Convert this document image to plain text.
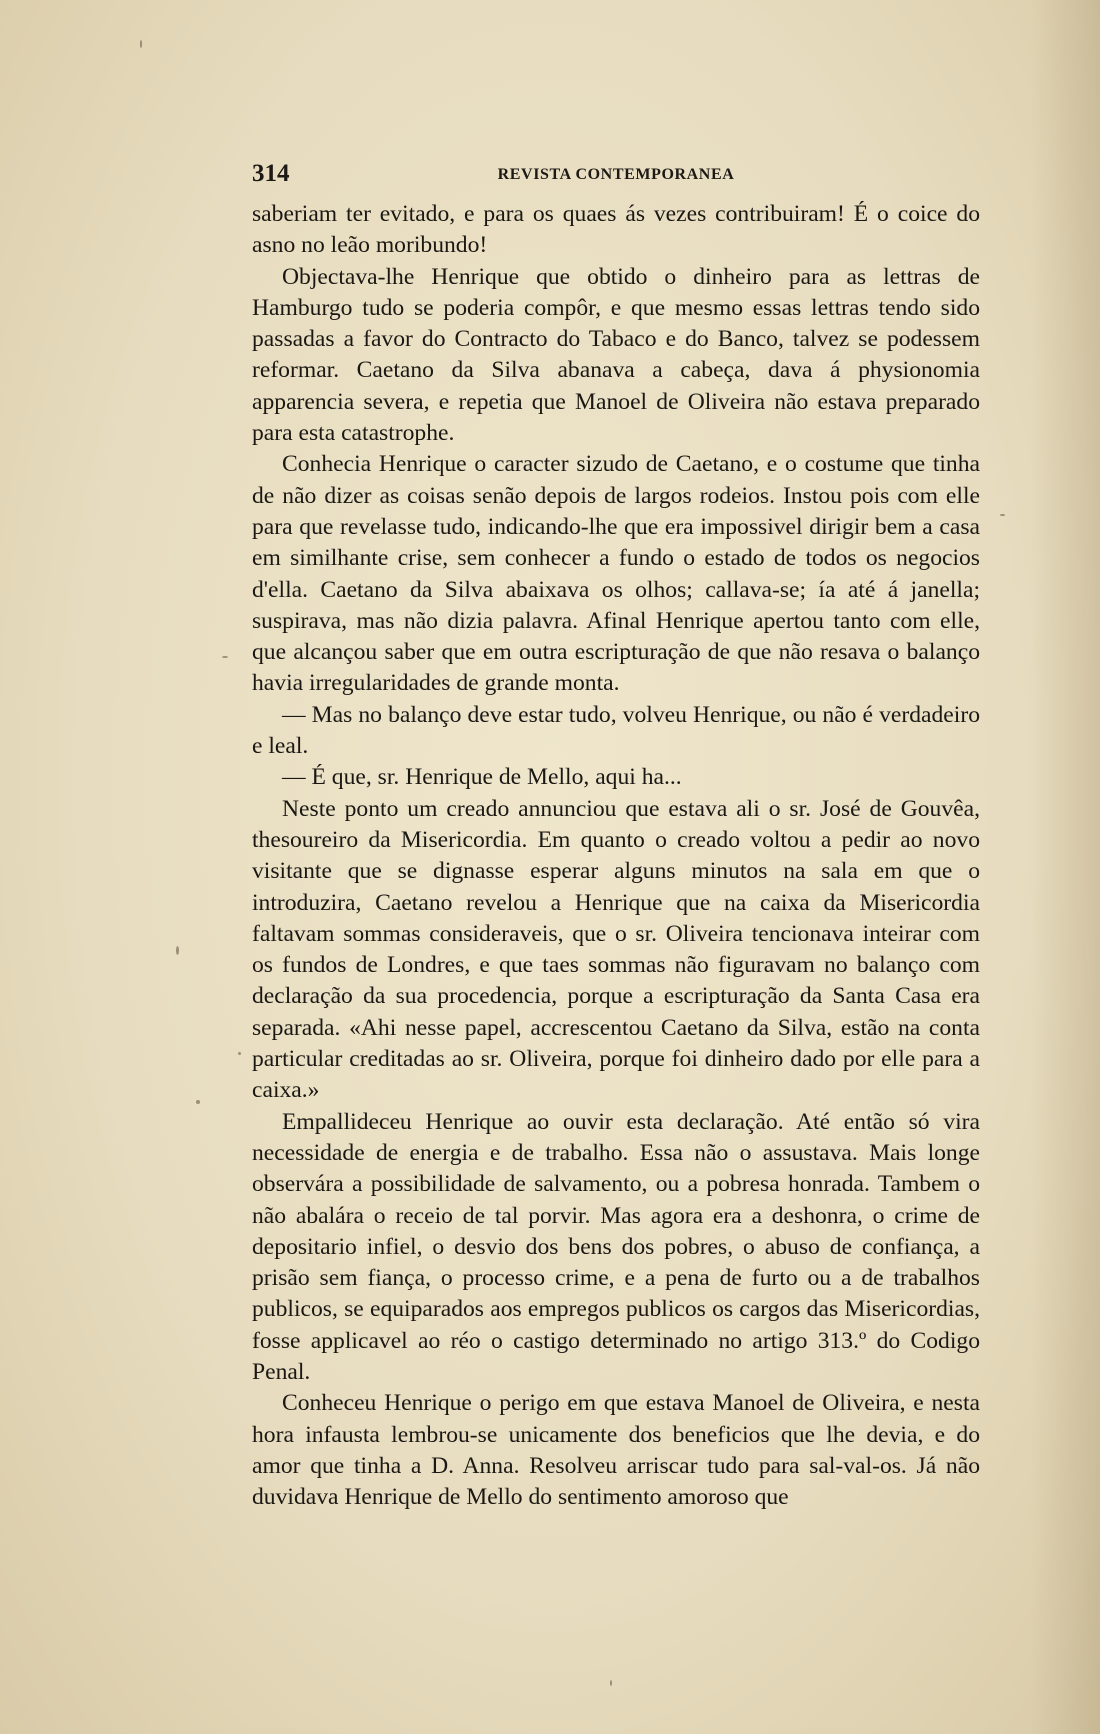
314	REVISTA CONTEMPORANEA

saberiam ter evitado, e para os quaes ás vezes contribuiram! É o coice do asno no leão moribundo!

Objectava-lhe Henrique que obtido o dinheiro para as lettras de Hamburgo tudo se poderia compôr, e que mesmo essas lettras tendo sido passadas a favor do Contracto do Tabaco e do Banco, talvez se podessem reformar. Caetano da Silva abanava a cabeça, dava á physionomia apparencia severa, e repetia que Manoel de Oliveira não estava preparado para esta catastrophe.

Conhecia Henrique o caracter sizudo de Caetano, e o costume que tinha de não dizer as coisas senão depois de largos rodeios. Instou pois com elle para que revelasse tudo, indicando-lhe que era impossivel dirigir bem a casa em similhante crise, sem conhecer a fundo o estado de todos os negocios d'ella. Caetano da Silva abaixava os olhos; callava-se; ía até á janella; suspirava, mas não dizia palavra. Afinal Henrique apertou tanto com elle, que alcançou saber que em outra escripturação de que não resava o balanço havia irregularidades de grande monta.

— Mas no balanço deve estar tudo, volveu Henrique, ou não é verdadeiro e leal.

— É que, sr. Henrique de Mello, aqui ha...

Neste ponto um creado annunciou que estava ali o sr. José de Gouvêa, thesoureiro da Misericordia. Em quanto o creado voltou a pedir ao novo visitante que se dignasse esperar alguns minutos na sala em que o introduzira, Caetano revelou a Henrique que na caixa da Misericordia faltavam sommas consideraveis, que o sr. Oliveira tencionava inteirar com os fundos de Londres, e que taes sommas não figuravam no balanço com declaração da sua procedencia, porque a escripturação da Santa Casa era separada. «Ahi nesse papel, accrescentou Caetano da Silva, estão na conta particular creditadas ao sr. Oliveira, porque foi dinheiro dado por elle para a caixa.»

Empallideceu Henrique ao ouvir esta declaração. Até então só vira necessidade de energia e de trabalho. Essa não o assustava. Mais longe observára a possibilidade de salvamento, ou a pobresa honrada. Tambem o não abalára o receio de tal porvir. Mas agora era a deshonra, o crime de depositario infiel, o desvio dos bens dos pobres, o abuso de confiança, a prisão sem fiança, o processo crime, e a pena de furto ou a de trabalhos publicos, se equiparados aos empregos publicos os cargos das Misericordias, fosse applicavel ao réo o castigo determinado no artigo 313.º do Codigo Penal.

Conheceu Henrique o perigo em que estava Manoel de Oliveira, e nesta hora infausta lembrou-se unicamente dos beneficios que lhe devia, e do amor que tinha a D. Anna. Resolveu arriscar tudo para sal-val-os. Já não duvidava Henrique de Mello do sentimento amoroso que
